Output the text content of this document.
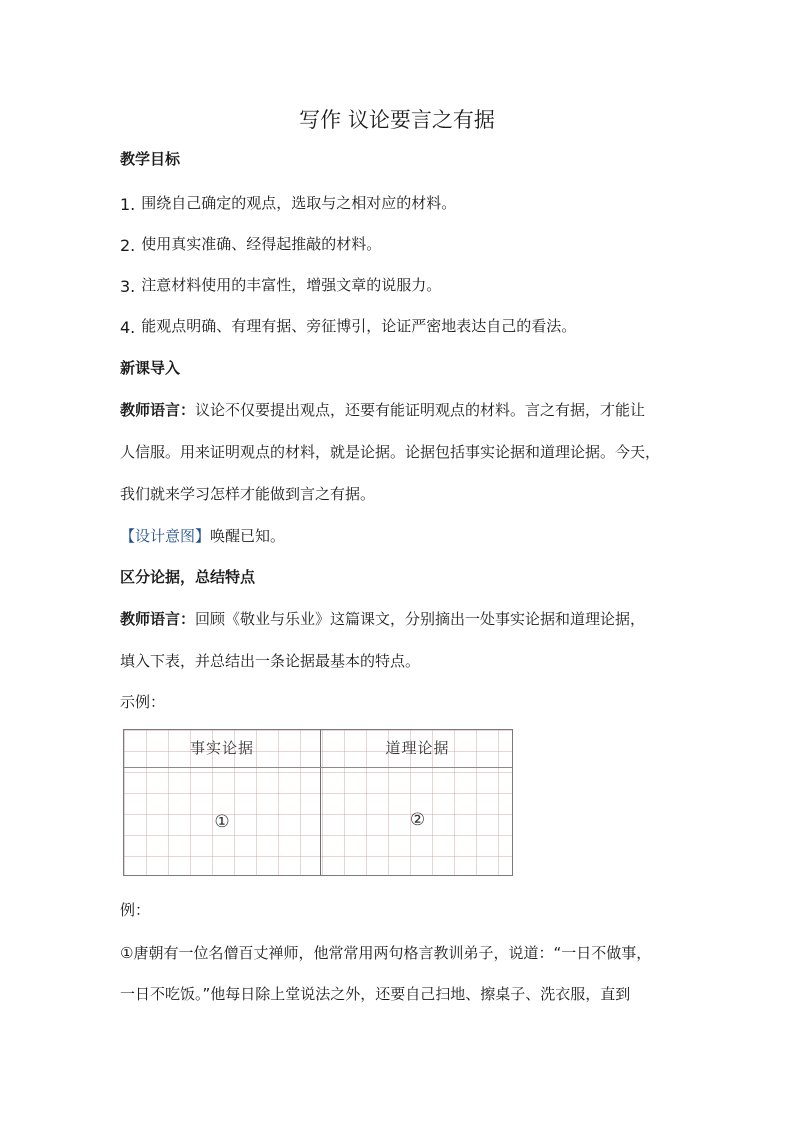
写作 议论要言之有据
教学目标
1. 围绕自己确定的观点，选取与之相对应的材料。
2. 使用真实准确、经得起推敲的材料。
3. 注意材料使用的丰富性，增强文章的说服力。
4. 能观点明确、有理有据、旁征博引，论证严密地表达自己的看法。
新课导入
教师语言：议论不仅要提出观点，还要有能证明观点的材料。言之有据，才能让
人信服。用来证明观点的材料，就是论据。论据包括事实论据和道理论据。今天，
我们就来学习怎样才能做到言之有据。
【设计意图】唤醒已知。
区分论据，总结特点
教师语言：回顾《敬业与乐业》这篇课文，分别摘出一处事实论据和道理论据，
填入下表，并总结出一条论据最基本的特点。
示例：
事实论据	道理论据
①	②
例：
①唐朝有一位名僧百丈禅师，他常常用两句格言教训弟子，说道：“一日不做事，
一日不吃饭。”他每日除上堂说法之外，还要自己扫地、擦桌子、洗衣服，直到
